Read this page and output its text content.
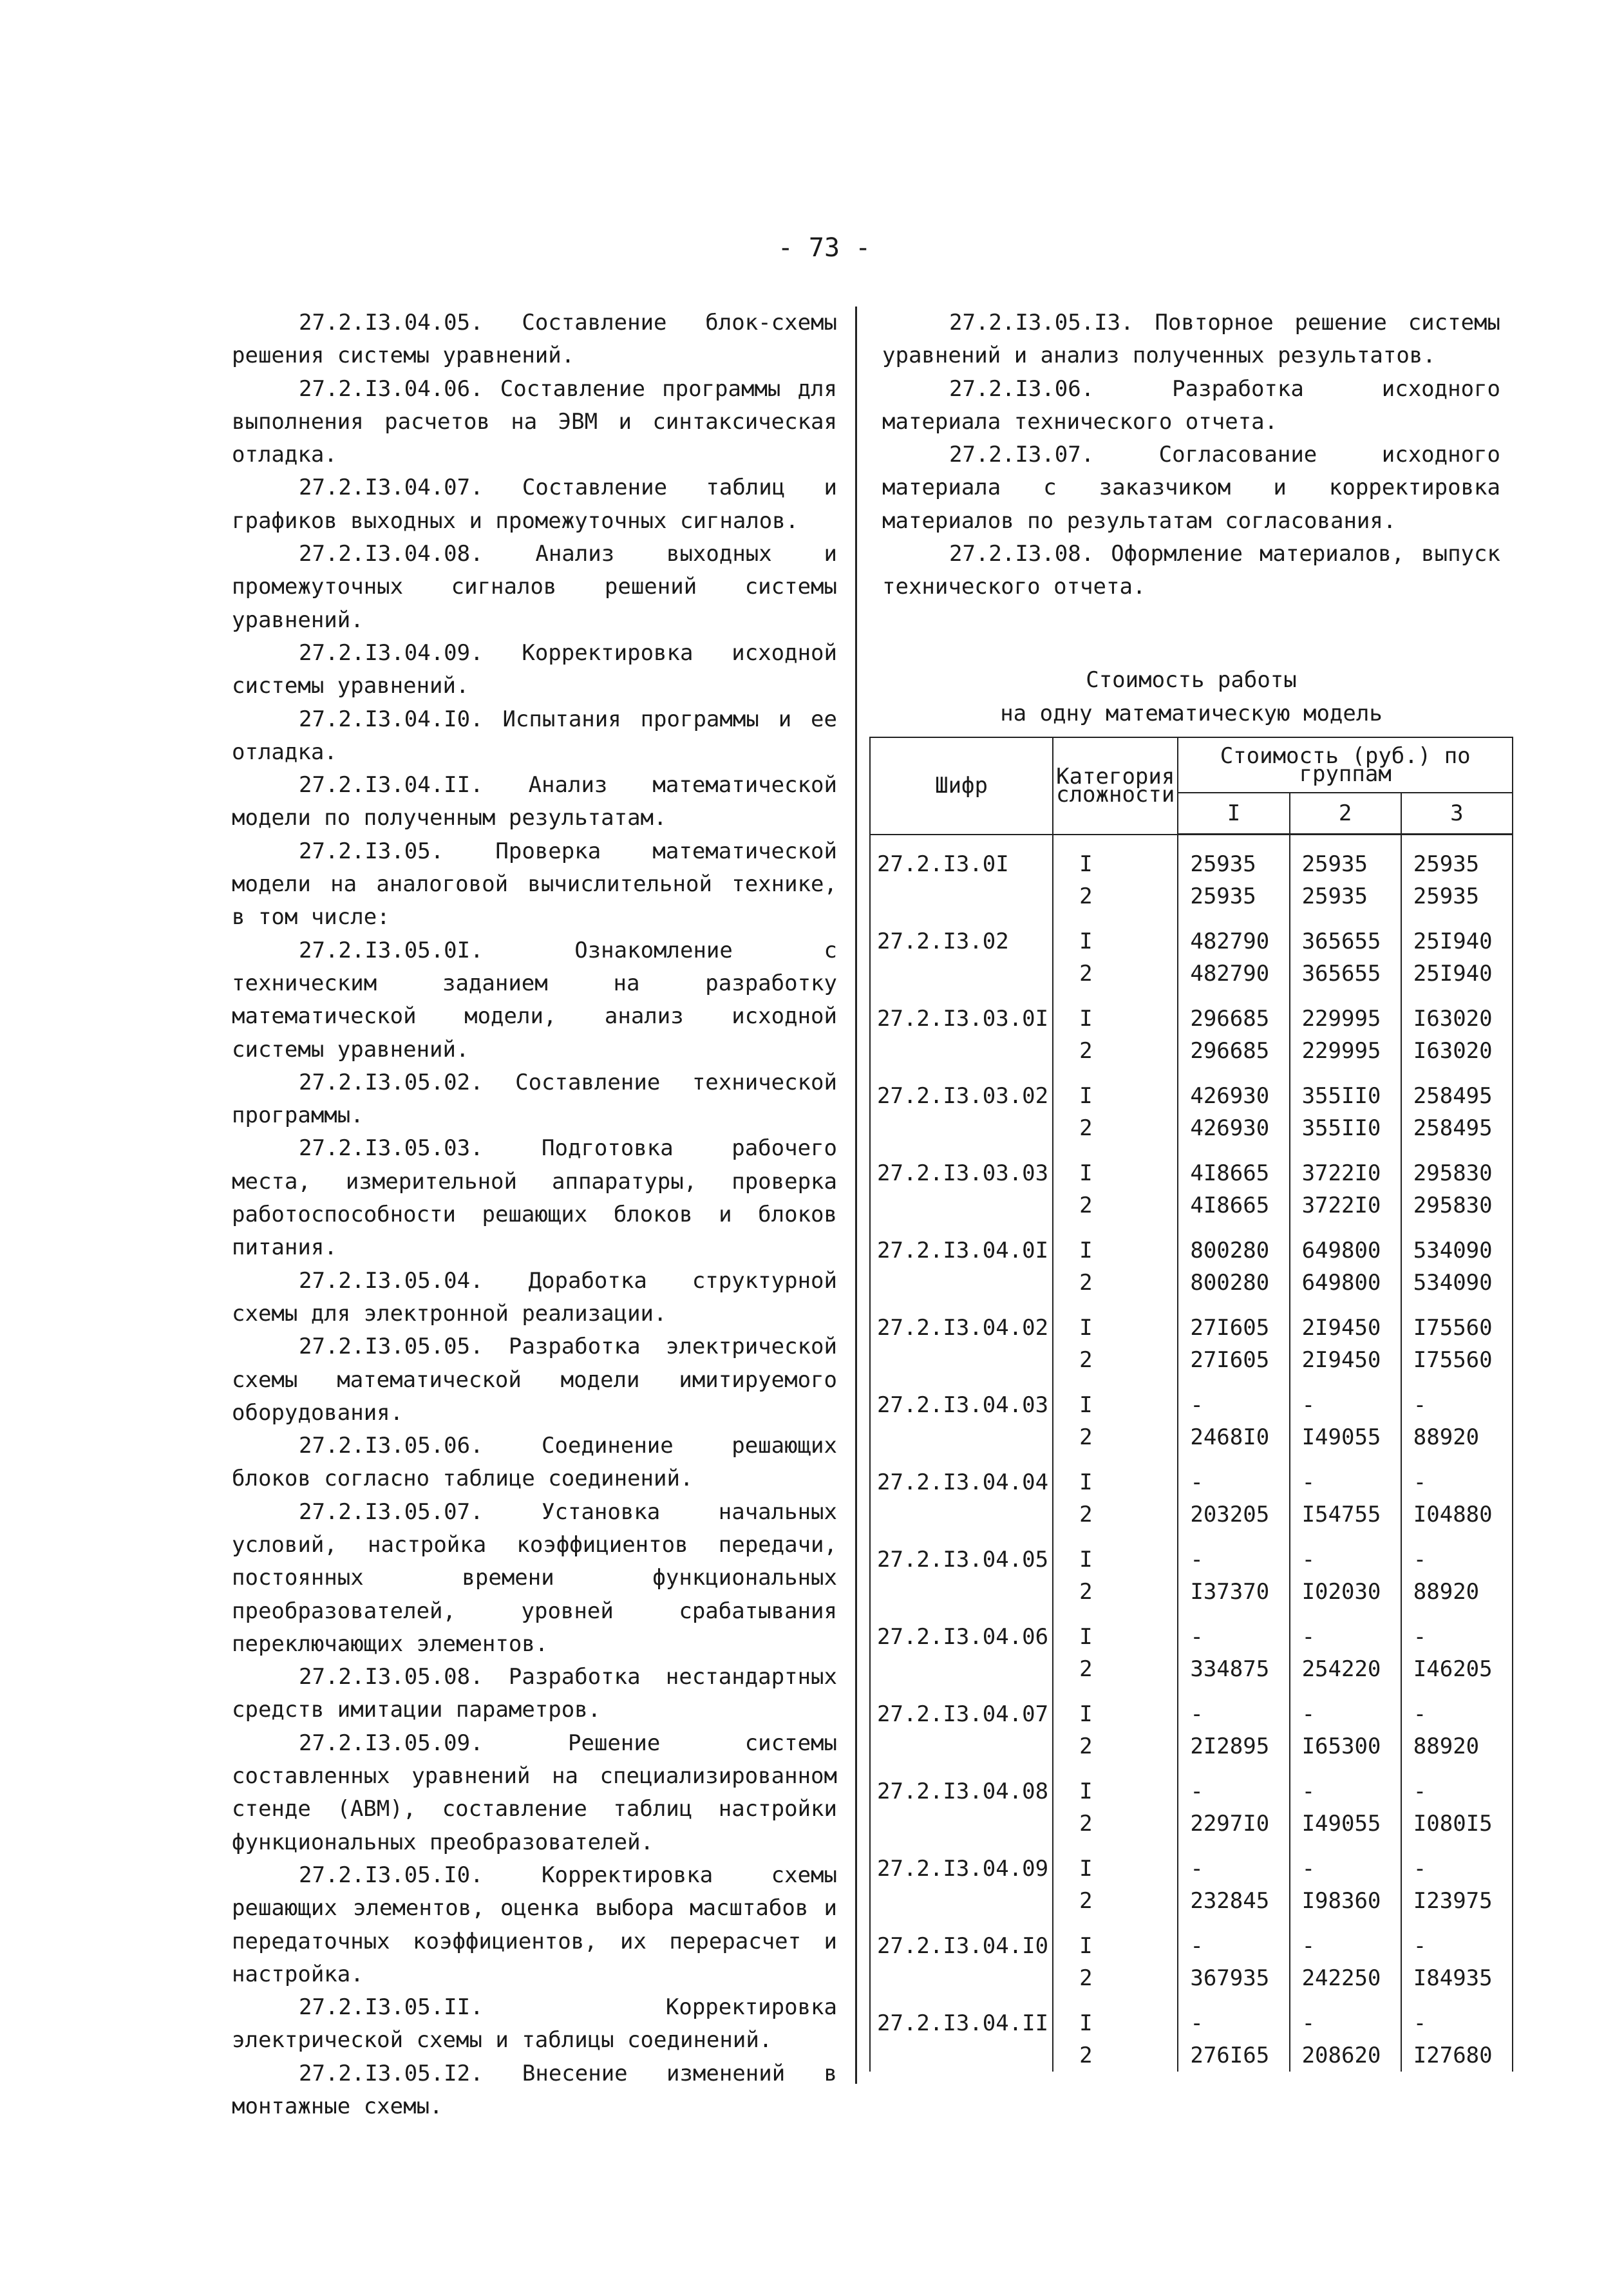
- 73 -

27.2.I3.04.05. Составление блок-схемы решения системы уравнений.

27.2.I3.04.06. Составление программы для выполнения расчетов на ЭВМ и синтаксическая отладка.

27.2.I3.04.07. Составление таблиц и графиков выходных и промежуточных сигналов.

27.2.I3.04.08. Анализ выходных и промежуточных сигналов решений системы уравнений.

27.2.I3.04.09. Корректировка исходной системы уравнений.

27.2.I3.04.I0. Испытания программы и ее отладка.

27.2.I3.04.II. Анализ математической модели по полученным результатам.

27.2.I3.05. Проверка математической модели на аналоговой вычислительной технике, в том числе:

27.2.I3.05.0I. Ознакомление с техническим заданием на разработку математической модели, анализ исходной системы уравнений.

27.2.I3.05.02. Составление технической программы.

27.2.I3.05.03. Подготовка рабочего места, измерительной аппаратуры, проверка работоспособности решающих блоков и блоков питания.

27.2.I3.05.04. Доработка структурной схемы для электронной реализации.

27.2.I3.05.05. Разработка электрической схемы математической модели имитируемого оборудования.

27.2.I3.05.06. Соединение решающих блоков согласно таблице соединений.

27.2.I3.05.07. Установка начальных условий, настройка коэффициентов передачи, постоянных времени функциональных преобразователей, уровней срабатывания переключающих элементов.

27.2.I3.05.08. Разработка нестандартных средств имитации параметров.

27.2.I3.05.09. Решение системы составленных уравнений на специализированном стенде (АВМ), составление таблиц настройки функциональных преобразователей.

27.2.I3.05.I0. Корректировка схемы решающих элементов, оценка выбора масштабов и передаточных коэффициентов, их перерасчет и настройка.

27.2.I3.05.II. Корректировка электрической схемы и таблицы соединений.

27.2.I3.05.I2. Внесение изменений в монтажные схемы.

27.2.I3.05.I3. Повторное решение системы уравнений и анализ полученных результатов.

27.2.I3.06. Разработка исходного материала технического отчета.

27.2.I3.07. Согласование исходного материала с заказчиком и корректировка материалов по результатам согласования.

27.2.I3.08. Оформление материалов, выпуск технического отчета.

Стоимость работы
на одну математическую модель
Шифр	Категория сложности	Стоимость (руб.) по группам		
		I	2	3
27.2.I3.0I	I	25935	25935	25935
	2	25935	25935	25935
27.2.I3.02	I	482790	365655	25I940
	2	482790	365655	25I940
27.2.I3.03.0I	I	296685	229995	I63020
	2	296685	229995	I63020
27.2.I3.03.02	I	426930	355II0	258495
	2	426930	355II0	258495
27.2.I3.03.03	I	4I8665	3722I0	295830
	2	4I8665	3722I0	295830
27.2.I3.04.0I	I	800280	649800	534090
	2	800280	649800	534090
27.2.I3.04.02	I	27I605	2I9450	I75560
	2	27I605	2I9450	I75560
27.2.I3.04.03	I	-	-	-
	2	2468I0	I49055	88920
27.2.I3.04.04	I	-	-	-
	2	203205	I54755	I04880
27.2.I3.04.05	I	-	-	-
	2	I37370	I02030	88920
27.2.I3.04.06	I	-	-	-
	2	334875	254220	I46205
27.2.I3.04.07	I	-	-	-
	2	2I2895	I65300	88920
27.2.I3.04.08	I	-	-	-
	2	2297I0	I49055	I080I5
27.2.I3.04.09	I	-	-	-
	2	232845	I98360	I23975
27.2.I3.04.I0	I	-	-	-
	2	367935	242250	I84935
27.2.I3.04.II	I	-	-	-
	2	276I65	208620	I27680
